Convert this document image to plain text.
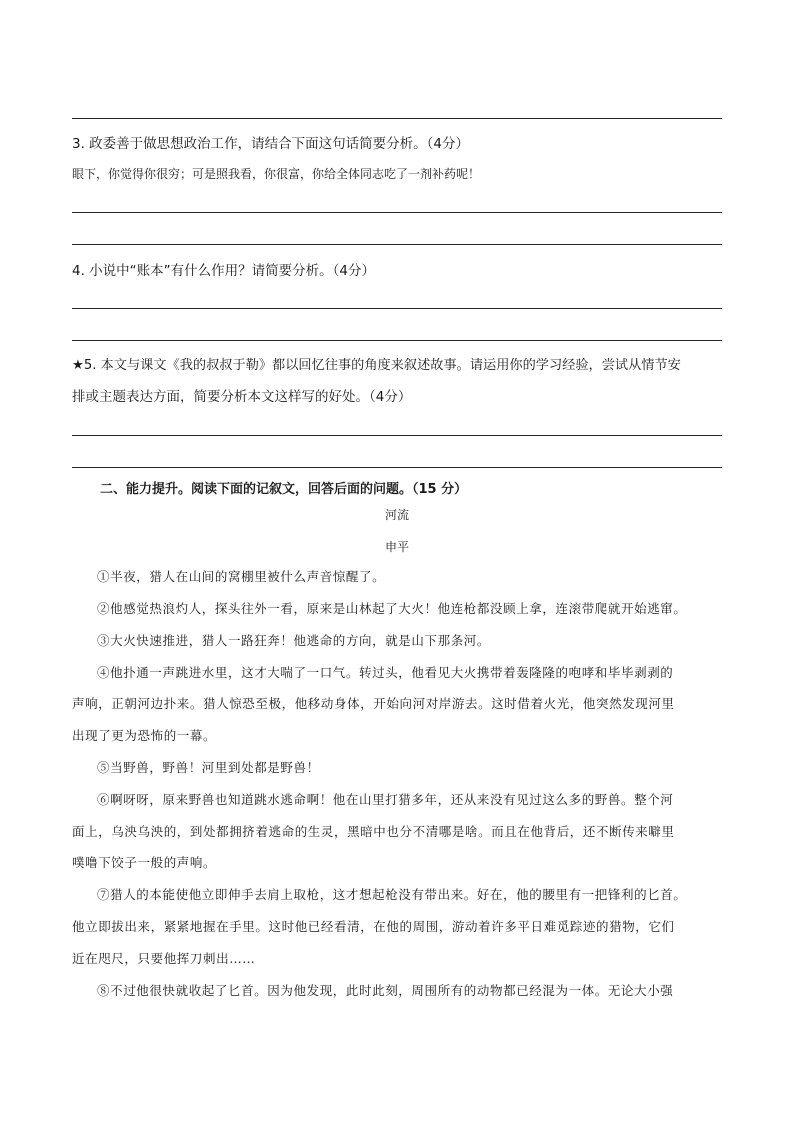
3. 政委善于做思想政治工作，请结合下面这句话简要分析。（4分）
眼下，你觉得你很穷；可是照我看，你很富，你给全体同志吃了一剂补药呢！
4. 小说中“账本”有什么作用？请简要分析。（4分）
★5. 本文与课文《我的叔叔于勒》都以回忆往事的角度来叙述故事。请运用你的学习经验，尝试从情节安
排或主题表达方面，简要分析本文这样写的好处。（4分）
二、能力提升。阅读下面的记叙文，回答后面的问题。（15 分）
河流
申平
①半夜，猎人在山间的窝棚里被什么声音惊醒了。
②他感觉热浪灼人，探头往外一看，原来是山林起了大火！他连枪都没顾上拿，连滚带爬就开始逃窜。
③大火快速推进，猎人一路狂奔！他逃命的方向，就是山下那条河。
④他扑通一声跳进水里，这才大喘了一口气。转过头，他看见大火携带着轰隆隆的咆哮和毕毕剥剥的
声响，正朝河边扑来。猎人惊恐至极，他移动身体，开始向河对岸游去。这时借着火光，他突然发现河里
出现了更为恐怖的一幕。
⑤当野兽，野兽！河里到处都是野兽！
⑥啊呀呀，原来野兽也知道跳水逃命啊！他在山里打猎多年，还从来没有见过这么多的野兽。整个河
面上，乌泱乌泱的，到处都拥挤着逃命的生灵，黑暗中也分不清哪是啥。而且在他背后，还不断传来噼里
噗噜下饺子一般的声响。
⑦猎人的本能使他立即伸手去肩上取枪，这才想起枪没有带出来。好在，他的腰里有一把锋利的匕首。
他立即拔出来，紧紧地握在手里。这时他已经看清，在他的周围，游动着许多平日难觅踪迹的猎物，它们
近在咫尺，只要他挥刀刺出……
⑧不过他很快就收起了匕首。因为他发现，此时此刻，周围所有的动物都已经混为一体。无论大小强
